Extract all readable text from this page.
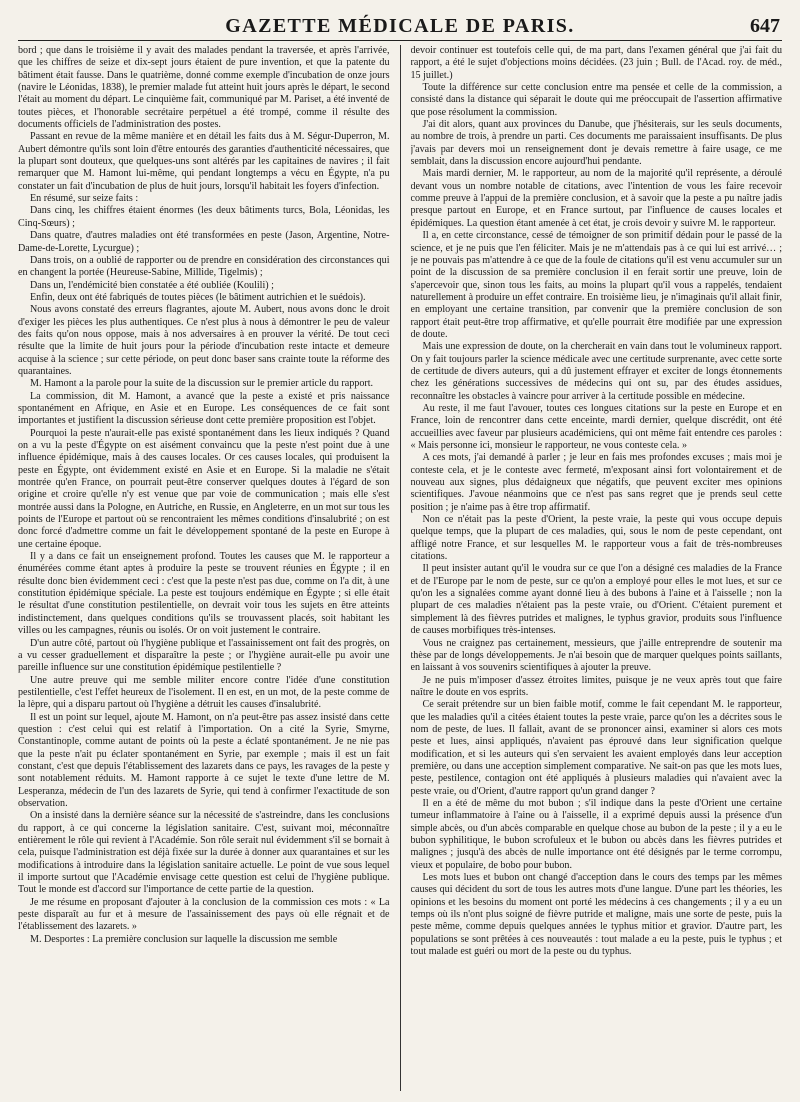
GAZETTE MÉDICALE DE PARIS.	647

bord ; que dans le troisième il y avait des malades pendant la traversée, et après l'arrivée, que les chiffres de seize et dix-sept jours étaient de pure invention, et que la patente du bâtiment était fausse. Dans le quatrième, donné comme exemple d'incubation de onze jours (navire le Léonidas, 1838), le premier malade fut atteint huit jours après le départ, le second l'était au moment du départ. Le cinquième fait, communiqué par M. Pariset, a été inventé de toutes pièces, et l'honorable secrétaire perpétuel a été trompé, comme il résulte des documents officiels de l'administration des postes.

Passant en revue de la même manière et en détail les faits dus à M. Ségur-Duperron, M. Aubert démontre qu'ils sont loin d'être entourés des garanties d'authenticité nécessaires, que la plupart sont douteux, que quelques-uns sont altérés par les capitaines de navires ; il fait remarquer que M. Hamont lui-même, qui pendant longtemps a vécu en Égypte, n'a pu constater un fait d'incubation de plus de huit jours, lorsqu'il habitait les foyers d'infection.

En résumé, sur seize faits :

Dans cinq, les chiffres étaient énormes (les deux bâtiments turcs, Bola, Léonidas, les Cinq-Sœurs) ;

Dans quatre, d'autres maladies ont été transformées en peste (Jason, Argentine, Notre-Dame-de-Lorette, Lycurgue) ;

Dans trois, on a oublié de rapporter ou de prendre en considération des circonstances qui en changent la portée (Heureuse-Sabine, Millide, Tigelmis) ;

Dans un, l'endémicité bien constatée a été oubliée (Koulili) ;

Enfin, deux ont été fabriqués de toutes pièces (le bâtiment autrichien et le suédois).

Nous avons constaté des erreurs flagrantes, ajoute M. Aubert, nous avons donc le droit d'exiger les pièces les plus authentiques. Ce n'est plus à nous à démontrer le peu de valeur des faits qu'on nous oppose, mais à nos adversaires à en prouver la vérité. De tout ceci résulte que la limite de huit jours pour la période d'incubation reste intacte et demeure acquise à la science ; sur cette période, on peut donc baser sans crainte toute la réforme des quarantaines.

M. Hamont a la parole pour la suite de la discussion sur le premier article du rapport.

La commission, dit M. Hamont, a avancé que la peste a existé et pris naissance spontanément en Afrique, en Asie et en Europe. Les conséquences de ce fait sont importantes et justifient la discussion sérieuse dont cette première proposition est l'objet.

Pourquoi la peste n'aurait-elle pas existé spontanément dans les lieux indiqués ? Quand on a vu la peste d'Égypte on est aisément convaincu que la peste n'est point due à une influence épidémique, mais à des causes locales. Or ces causes locales, qui produisent la peste en Égypte, ont évidemment existé en Asie et en Europe. Si la maladie ne s'était montrée qu'en France, on pourrait peut-être conserver quelques doutes à l'égard de son origine et croire qu'elle n'y est venue que par voie de communication ; mais elle s'est montrée aussi dans la Pologne, en Autriche, en Russie, en Angleterre, en un mot sur tous les points de l'Europe et partout où se rencontraient les mêmes conditions d'insalubrité ; on est donc forcé d'admettre comme un fait le développement spontané de la peste en Europe à une certaine époque.

Il y a dans ce fait un enseignement profond. Toutes les causes que M. le rapporteur a énumérées comme étant aptes à produire la peste se trouvent réunies en Égypte ; il en résulte donc bien évidemment ceci : c'est que la peste n'est pas due, comme on l'a dit, à une constitution épidémique spéciale. La peste est toujours endémique en Égypte ; si elle était le résultat d'une constitution pestilentielle, on devrait voir tous les sujets en être atteints indistinctement, dans quelques conditions qu'ils se trouvassent placés, soit habitant les villes ou les campagnes, réunis ou isolés. Or on voit justement le contraire.

D'un autre côté, partout où l'hygiène publique et l'assainissement ont fait des progrès, on a vu cesser graduellement et disparaître la peste ; or l'hygiène aurait-elle pu avoir une pareille influence sur une constitution épidémique pestilentielle ?

Une autre preuve qui me semble militer encore contre l'idée d'une constitution pestilentielle, c'est l'effet heureux de l'isolement. Il en est, en un mot, de la peste comme de la lèpre, qui a disparu partout où l'hygiène a détruit les causes d'insalubrité.

Il est un point sur lequel, ajoute M. Hamont, on n'a peut-être pas assez insisté dans cette question : c'est celui qui est relatif à l'importation. On a cité la Syrie, Smyrne, Constantinople, comme autant de points où la peste a éclaté spontanément. Je ne nie pas que la peste n'ait pu éclater spontanément en Syrie, par exemple ; mais il est un fait constant, c'est que depuis l'établissement des lazarets dans ce pays, les ravages de la peste y sont notablement réduits. M. Hamont rapporte à ce sujet le texte d'une lettre de M. Lesperanza, médecin de l'un des lazarets de Syrie, qui tend à confirmer l'exactitude de son observation.

On a insisté dans la dernière séance sur la nécessité de s'astreindre, dans les conclusions du rapport, à ce qui concerne la législation sanitaire. C'est, suivant moi, méconnaître entièrement le rôle qui revient à l'Académie. Son rôle serait nul évidemment s'il se bornait à cela, puisque l'administration est déjà fixée sur la durée à donner aux quarantaines et sur les modifications à introduire dans la législation sanitaire actuelle. Le point de vue sous lequel il importe surtout que l'Académie envisage cette question est celui de l'hygiène publique. Tout le monde est d'accord sur l'importance de cette partie de la question.

Je me résume en proposant d'ajouter à la conclusion de la commission ces mots : « La peste disparaît au fur et à mesure de l'assainissement des pays où elle régnait et de l'établissement des lazarets. »

M. Desportes : La première conclusion sur laquelle la discussion me semble

devoir continuer est toutefois celle qui, de ma part, dans l'examen général que j'ai fait du rapport, a été le sujet d'objections moins décidées. (23 juin ; Bull. de l'Acad. roy. de méd., 15 juillet.)

Toute la différence sur cette conclusion entre ma pensée et celle de la commission, a consisté dans la distance qui séparait le doute qui me préoccupait de l'assertion affirmative que pose résolument la commission.

J'ai dit alors, quant aux provinces du Danube, que j'hésiterais, sur les seuls documents, au nombre de trois, à prendre un parti. Ces documents me paraissaient insuffisants. De plus j'avais par devers moi un renseignement dont je devais remettre à faire usage, ce me semblait, dans la discussion encore aujourd'hui pendante.

Mais mardi dernier, M. le rapporteur, au nom de la majorité qu'il représente, a déroulé devant vous un nombre notable de citations, avec l'intention de vous les faire recevoir comme preuve à l'appui de la première conclusion, et à savoir que la peste a pu naître jadis presque partout en Europe, et en France surtout, par l'influence de causes locales et épidémiques. La question étant amenée à cet état, je crois devoir y suivre M. le rapporteur.

Il a, en cette circonstance, cessé de témoigner de son primitif dédain pour le passé de la science, et je ne puis que l'en féliciter. Mais je ne m'attendais pas à ce qui lui est arrivé… ; je ne pouvais pas m'attendre à ce que de la foule de citations qu'il est venu accumuler sur un point de la discussion de sa première conclusion il en ferait sortir une preuve, loin de s'apercevoir que, sinon tous les faits, au moins la plupart qu'il vous a rappelés, tendaient naturellement à produire un effet contraire. En troisième lieu, je n'imaginais qu'il allait finir, en employant une certaine transition, par convenir que la première conclusion de son rapport était peut-être trop affirmative, et qu'elle pourrait être modifiée par une expression de doute.

Mais une expression de doute, on la chercherait en vain dans tout le volumineux rapport. On y fait toujours parler la science médicale avec une certitude surprenante, avec cette sorte de certitude de divers auteurs, qui a dû justement effrayer et exciter de longs étonnements chez les générations successives de médecins qui ont su, par des études assidues, reconnaître les obstacles à vaincre pour arriver à la certitude possible en médecine.

Au reste, il me faut l'avouer, toutes ces longues citations sur la peste en Europe et en France, loin de rencontrer dans cette enceinte, mardi dernier, quelque discrédit, ont été accueillies avec faveur par plusieurs académiciens, qui ont même fait entendre ces paroles : « Mais personne ici, monsieur le rapporteur, ne vous conteste cela. »

A ces mots, j'ai demandé à parler ; je leur en fais mes profondes excuses ; mais moi je conteste cela, et je le conteste avec fermeté, m'exposant ainsi fort volontairement et de nouveau aux signes, plus dédaigneux que négatifs, que peuvent exciter mes opinions scientifiques. J'avoue néanmoins que ce n'est pas sans regret que je prends seul cette position ; je n'aime pas à être trop affirmatif.

Non ce n'était pas la peste d'Orient, la peste vraie, la peste qui vous occupe depuis quelque temps, que la plupart de ces maladies, qui, sous le nom de peste cependant, ont affligé notre France, et sur lesquelles M. le rapporteur vous a fait de très-nombreuses citations.

Il peut insister autant qu'il le voudra sur ce que l'on a désigné ces maladies de la France et de l'Europe par le nom de peste, sur ce qu'on a employé pour elles le mot lues, et sur ce qu'on les a signalées comme ayant donné lieu à des bubons à l'aine et à l'aisselle ; non la plupart de ces maladies n'étaient pas la peste vraie, ou d'Orient. C'étaient purement et simplement là des fièvres putrides et malignes, le typhus gravior, produits sous l'influence de causes morbifiques très-intenses.

Vous ne craignez pas certainement, messieurs, que j'aille entreprendre de soutenir ma thèse par de longs développements. Je n'ai besoin que de marquer quelques points saillants, en laissant à vos souvenirs scientifiques à ajouter la preuve.

Je ne puis m'imposer d'assez étroites limites, puisque je ne veux après tout que faire naître le doute en vos esprits.

Ce serait prétendre sur un bien faible motif, comme le fait cependant M. le rapporteur, que les maladies qu'il a citées étaient toutes la peste vraie, parce qu'on les a décrites sous le nom de peste, de lues. Il fallait, avant de se prononcer ainsi, examiner si alors ces mots peste et lues, ainsi appliqués, n'avaient pas éprouvé dans leur signification quelque modification, et si les auteurs qui s'en servaient les avaient employés dans leur acception première, ou dans une acception simplement comparative. Ne sait-on pas que les mots lues, peste, pestilence, contagion ont été appliqués à plusieurs maladies qui n'avaient avec la peste vraie, ou d'Orient, d'autre rapport qu'un grand danger ?

Il en a été de même du mot bubon ; s'il indique dans la peste d'Orient une certaine tumeur inflammatoire à l'aine ou à l'aisselle, il a exprimé depuis aussi la présence d'un simple abcès, ou d'un abcès comparable en quelque chose au bubon de la peste ; il y a eu le bubon syphilitique, le bubon scrofuleux et le bubon ou abcès dans les fièvres putrides et malignes ; jusqu'à des abcès de nulle importance ont été désignés par le terme corrompu, vieux et populaire, de bobo pour bubon.

Les mots lues et bubon ont changé d'acception dans le cours des temps par les mêmes causes qui décident du sort de tous les autres mots d'une langue. D'une part les théories, les opinions et les besoins du moment ont porté les médecins à ces changements ; il y a eu un temps où ils n'ont plus soigné de fièvre putride et maligne, mais une sorte de peste, puis la peste même, comme depuis quelques années le typhus mitior et gravior. D'autre part, les populations se sont prêtées à ces nouveautés : tout malade a eu la peste, puis le typhus ; et tout malade est guéri ou mort de la peste ou du typhus.
